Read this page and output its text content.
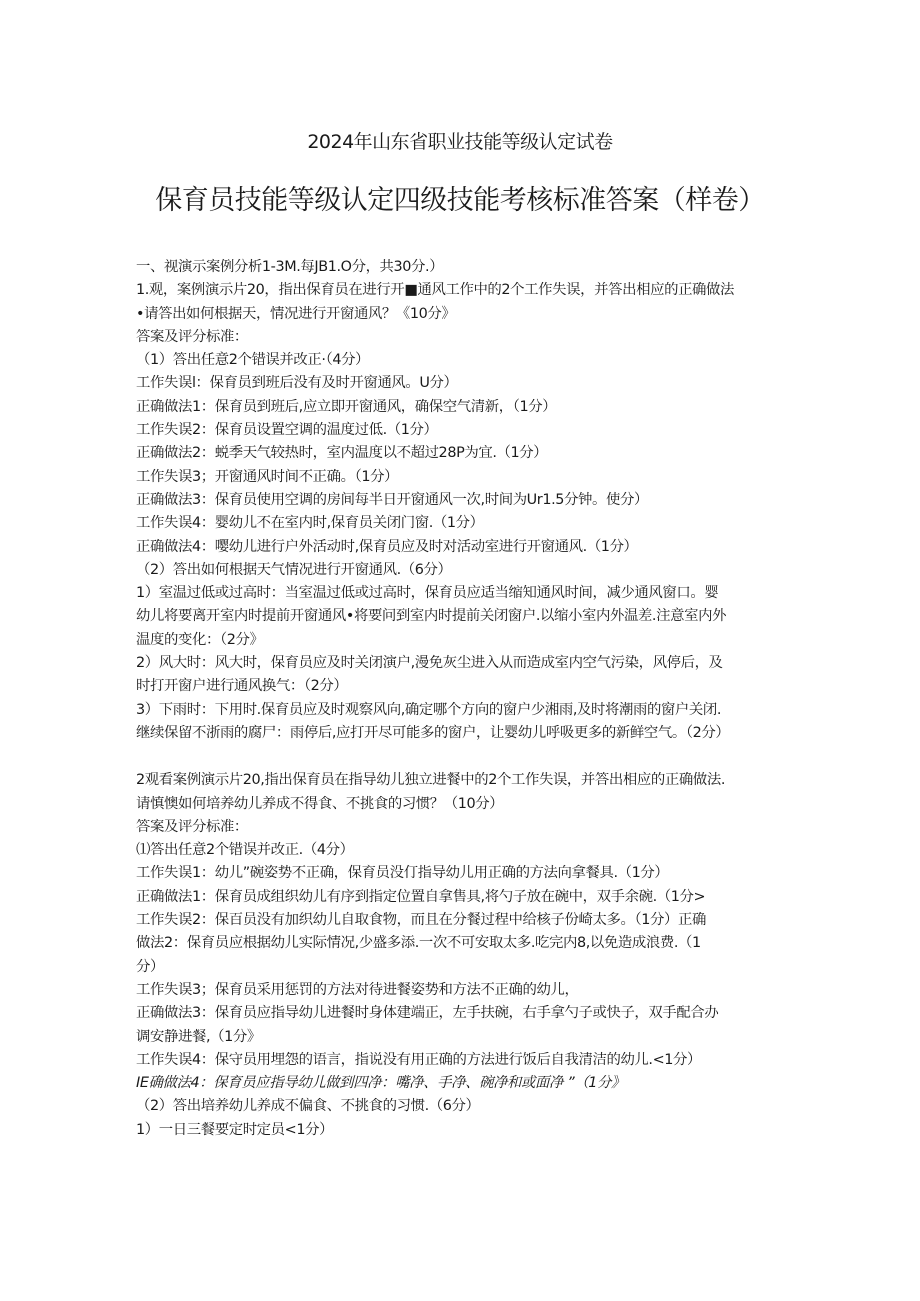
2024年山东省职业技能等级认定试卷
保育员技能等级认定四级技能考核标准答案（样卷）
一、视演示案例分析1-3M.每JB1.O分，共30分.）
1.观，案例演示片20，指出保育员在进行开■通风工作中的2个工作失误，并答出相应的正确做法
•请答出如何根据天，情况进行开窗通风？《10分》
答案及评分标准：
（1）答出任意2个错误并改正·（4分）
工作失误l：保育员到班后没有及时开窗通风。U分）
正确做法1：保育员到班后,应立即开窗通风，确保空气清新，（1分）
工作失误2：保育员设置空调的温度过低.（1分）
正确做法2：蜕季天气较热时，室内温度以不超过28P为宜.（1分）
工作失误3；开窗通风时间不正确。（1分）
正确做法3：保育员使用空调的房间每半日开窗通风一次,时间为Ur1.5分钟。使分）
工作失误4：婴幼儿不在室内时,保育员关闭门窗.（1分）
正确做法4：嘤幼儿进行户外活动时,保育员应及时对活动室进行开窗通风.（1分）
（2）答出如何根据天气情况进行开窗通风.（6分）
1）室温过低或过高时：当室温过低或过高时，保育员应适当缩知通风时间，减少通风窗口。婴
幼儿将要离开室内时提前开窗通风•将要问到室内时提前关闭窗户.以缩小室内外温差.注意室内外
温度的变化：（2分》
2）风大时：风大时，保育员应及时关闭演户,漫免灰尘进入从而造成室内空气污染，风停后，及
时打开窗户进行通风换气：（2分）
3）下雨时：下用时.保育员应及时观察风向,确定哪个方向的窗户少湘雨,及时将潮雨的窗户关闭.
继续保留不浙雨的腐尸：雨停后,应打开尽可能多的窗户，让婴幼儿呼吸更多的新鲜空气。（2分）
2观看案例演示片20,指出保育员在指导幼儿独立进餐中的2个工作失误，并答出相应的正确做法.
请慎懊如何培养幼儿养成不得食、不挑食的习惯？（10分）
答案及评分标准：
⑴答出任意2个错误并改正.（4分）
工作失误1：幼儿”碗姿势不正确，保育员没仃指导幼儿用正确的方法向拿餐具.（1分）
正确做法1：保育员成组织幼儿有序到指定位置自拿售具,将勺子放在碗中，双手余碗.（1分>
工作失误2：保百员没有加织幼儿自取食物，而且在分餐过程中给核子份崎太多。（1分）正确
做法2：保育员应根据幼儿实际情况,少盛多添.一次不可安取太多.吃完内8,以免造成浪费.（1
分）
工作失误3；保育员采用惩罚的方法对待进餐姿势和方法不正确的幼儿，
正确做法3：保育员应指导幼儿进餐时身体建端正，左手扶碗，右手拿勺子或快子，双手配合办
调安静进餐,（1分》
工作失误4：保守员用埋怨的语言，指说没有用正确的方法进行饭后自我清洁的幼儿.<1分）
IE确做法4：保育员应指导幼儿做到四净：嘴净、手净、碗净和或面净 ”（1分》
（2）答出培养幼儿养成不偏食、不挑食的习惯.（6分）
1）一日三餐要定时定员<1分）
